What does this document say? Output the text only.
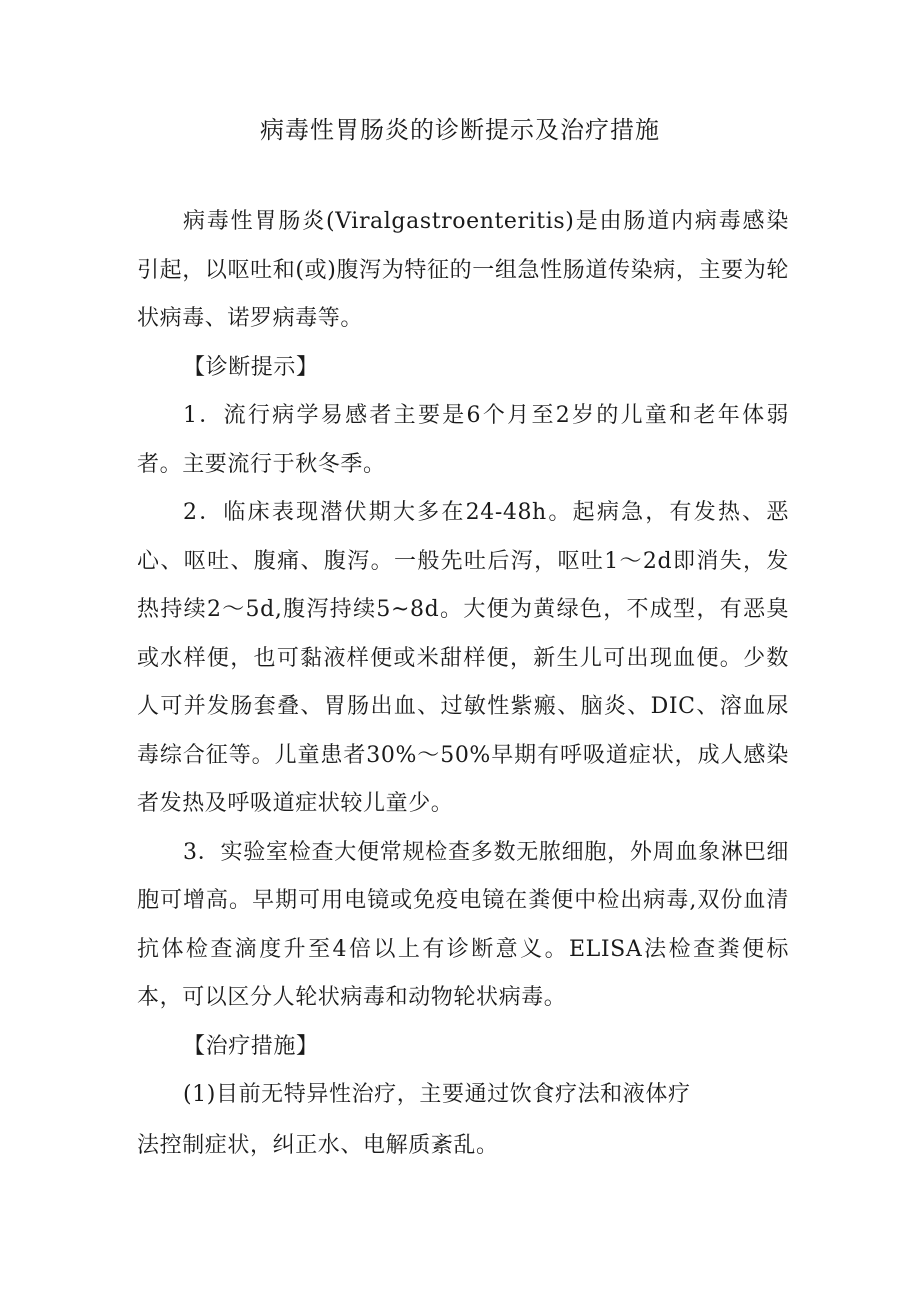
病毒性胃肠炎的诊断提示及治疗措施

病毒性胃肠炎(Viralgastroenteritis)是由肠道内病毒感染引起，以呕吐和(或)腹泻为特征的一组急性肠道传染病，主要为轮状病毒、诺罗病毒等。

【诊断提示】

1．流行病学易感者主要是6个月至2岁的儿童和老年体弱者。主要流行于秋冬季。

2．临床表现潜伏期大多在24-48h。起病急，有发热、恶心、呕吐、腹痛、腹泻。一般先吐后泻，呕吐1～2d即消失，发热持续2～5d,腹泻持续5~8d。大便为黄绿色，不成型，有恶臭或水样便，也可黏液样便或米甜样便，新生儿可出现血便。少数人可并发肠套叠、胃肠出血、过敏性紫瘢、脑炎、DIC、溶血尿毒综合征等。儿童患者30%～50%早期有呼吸道症状，成人感染者发热及呼吸道症状较儿童少。

3．实验室检查大便常规检查多数无脓细胞，外周血象淋巴细胞可增高。早期可用电镜或免疫电镜在粪便中检出病毒,双份血清抗体检查滴度升至4倍以上有诊断意义。ELISA法检查粪便标本，可以区分人轮状病毒和动物轮状病毒。

【治疗措施】

(1)目前无特异性治疗，主要通过饮食疗法和液体疗

法控制症状，纠正水、电解质紊乱。
